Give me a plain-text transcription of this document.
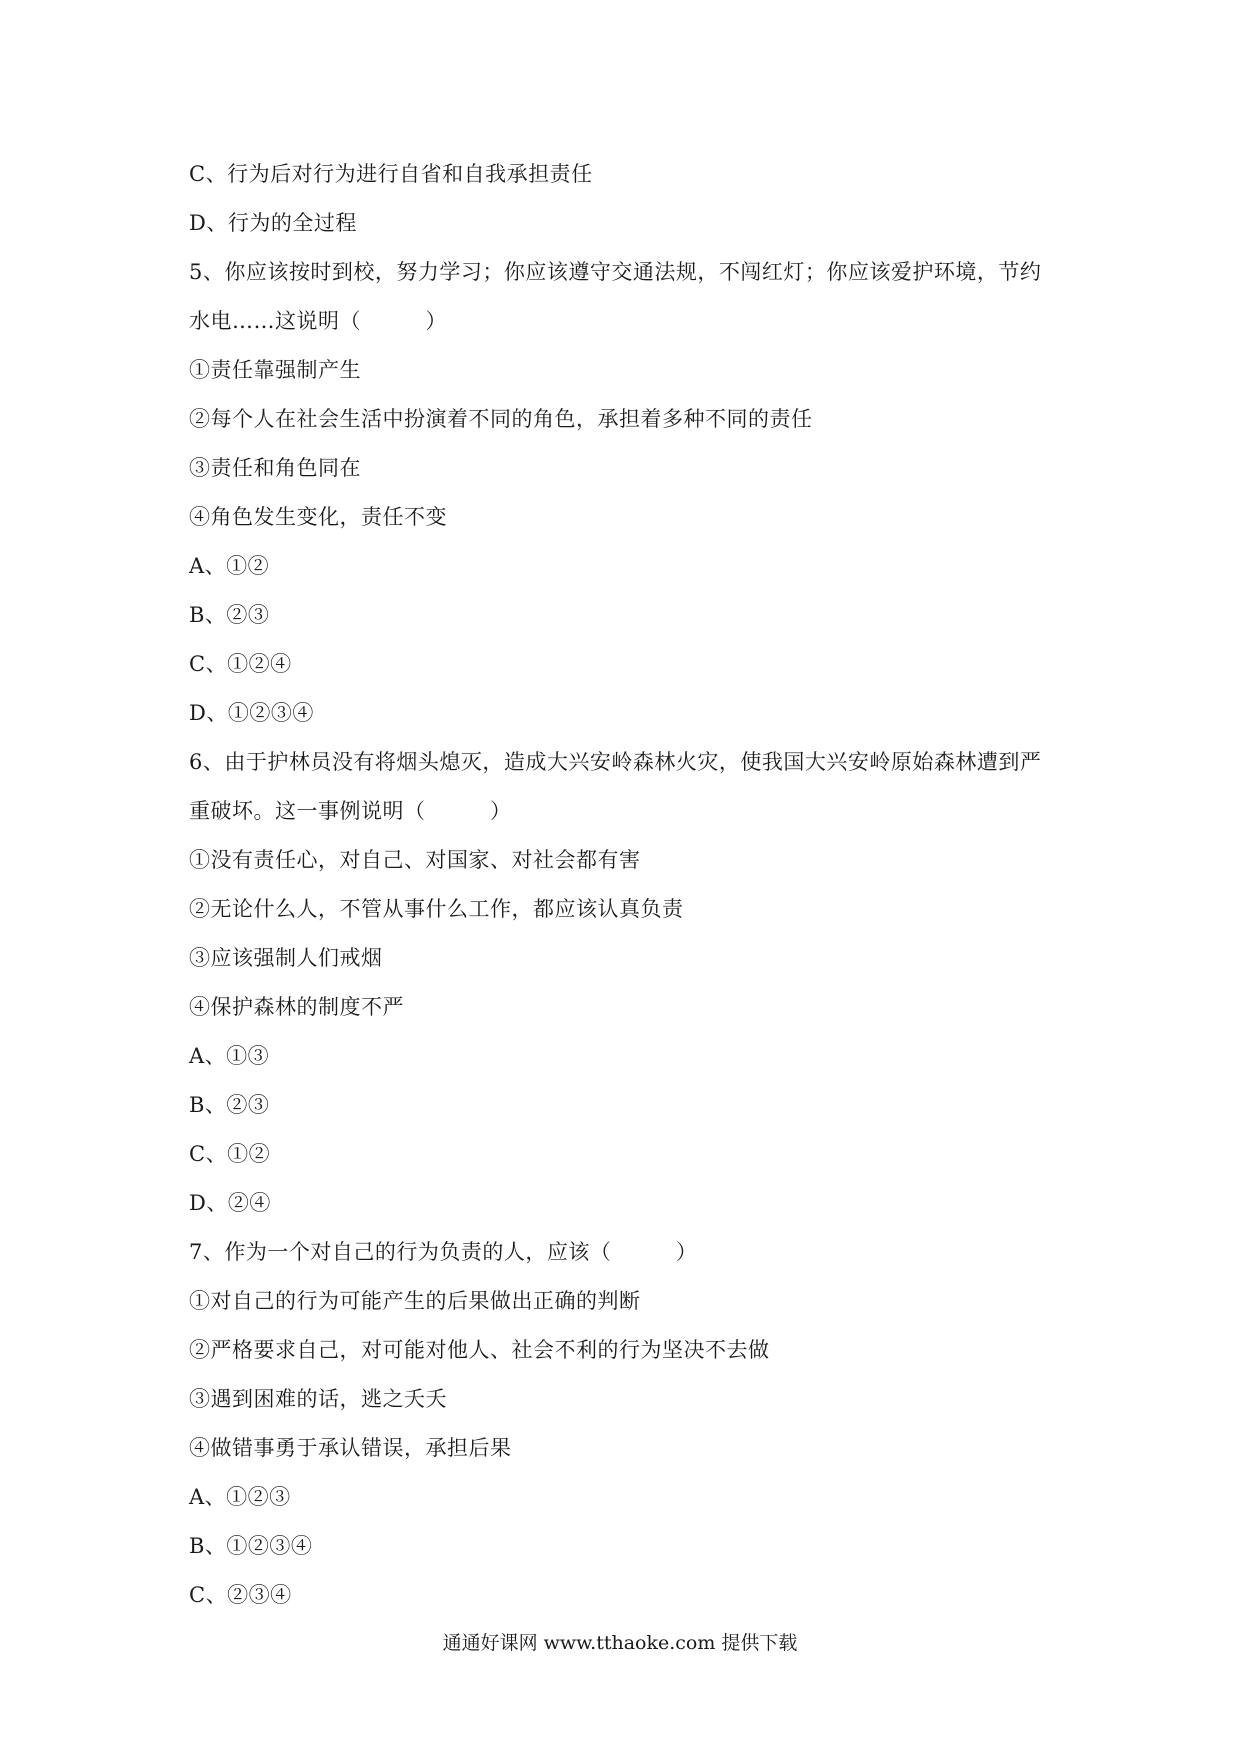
C、行为后对行为进行自省和自我承担责任
D、行为的全过程
5、你应该按时到校，努力学习；你应该遵守交通法规，不闯红灯；你应该爱护环境，节约
水电……这说明（　　　）
①责任靠强制产生
②每个人在社会生活中扮演着不同的角色，承担着多种不同的责任
③责任和角色同在
④角色发生变化，责任不变
A、①②
B、②③
C、①②④
D、①②③④
6、由于护林员没有将烟头熄灭，造成大兴安岭森林火灾，使我国大兴安岭原始森林遭到严
重破坏。这一事例说明（　　　）
①没有责任心，对自己、对国家、对社会都有害
②无论什么人，不管从事什么工作，都应该认真负责
③应该强制人们戒烟
④保护森林的制度不严
A、①③
B、②③
C、①②
D、②④
7、作为一个对自己的行为负责的人，应该（　　　）
①对自己的行为可能产生的后果做出正确的判断
②严格要求自己，对可能对他人、社会不利的行为坚决不去做
③遇到困难的话，逃之夭夭
④做错事勇于承认错误，承担后果
A、①②③
B、①②③④
C、②③④
通通好课网 www.tthaoke.com 提供下载
